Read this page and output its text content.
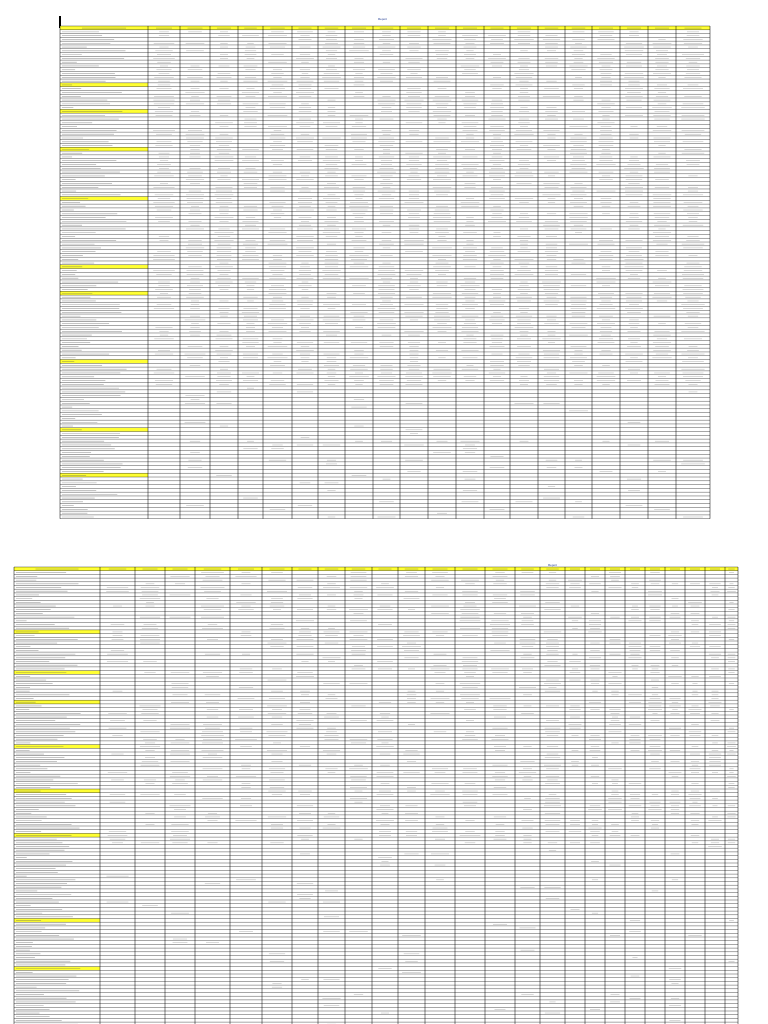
Report
Report
